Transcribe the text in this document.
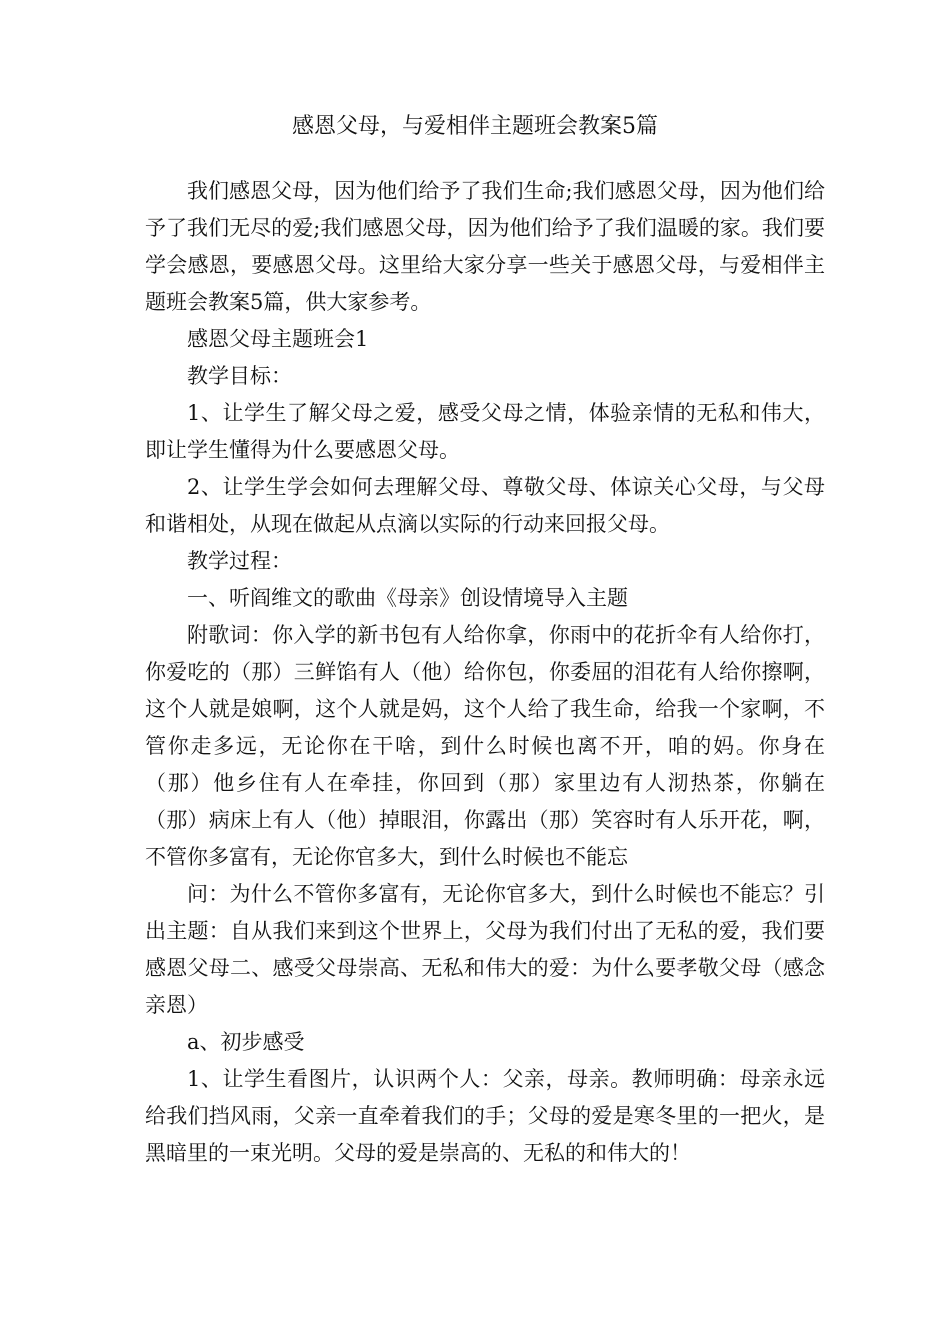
感恩父母，与爱相伴主题班会教案5篇

我们感恩父母，因为他们给予了我们生命;我们感恩父母，因为他们给予了我们无尽的爱;我们感恩父母，因为他们给予了我们温暖的家。我们要学会感恩，要感恩父母。这里给大家分享一些关于感恩父母，与爱相伴主题班会教案5篇，供大家参考。

感恩父母主题班会1

教学目标：

1、让学生了解父母之爱，感受父母之情，体验亲情的无私和伟大，即让学生懂得为什么要感恩父母。

2、让学生学会如何去理解父母、尊敬父母、体谅关心父母，与父母和谐相处，从现在做起从点滴以实际的行动来回报父母。

教学过程：

一、听阎维文的歌曲《母亲》创设情境导入主题

附歌词：你入学的新书包有人给你拿，你雨中的花折伞有人给你打，你爱吃的（那）三鲜馅有人（他）给你包，你委屈的泪花有人给你擦啊，这个人就是娘啊，这个人就是妈，这个人给了我生命，给我一个家啊，不管你走多远，无论你在干啥，到什么时候也离不开，咱的妈。你身在（那）他乡住有人在牵挂，你回到（那）家里边有人沏热茶，你躺在（那）病床上有人（他）掉眼泪，你露出（那）笑容时有人乐开花，啊，不管你多富有，无论你官多大，到什么时候也不能忘

问：为什么不管你多富有，无论你官多大，到什么时候也不能忘？引出主题：自从我们来到这个世界上，父母为我们付出了无私的爱，我们要感恩父母二、感受父母崇高、无私和伟大的爱：为什么要孝敬父母（感念亲恩）

a、初步感受

1、让学生看图片，认识两个人：父亲，母亲。教师明确：母亲永远给我们挡风雨，父亲一直牵着我们的手；父母的爱是寒冬里的一把火，是黑暗里的一束光明。父母的爱是崇高的、无私的和伟大的！
